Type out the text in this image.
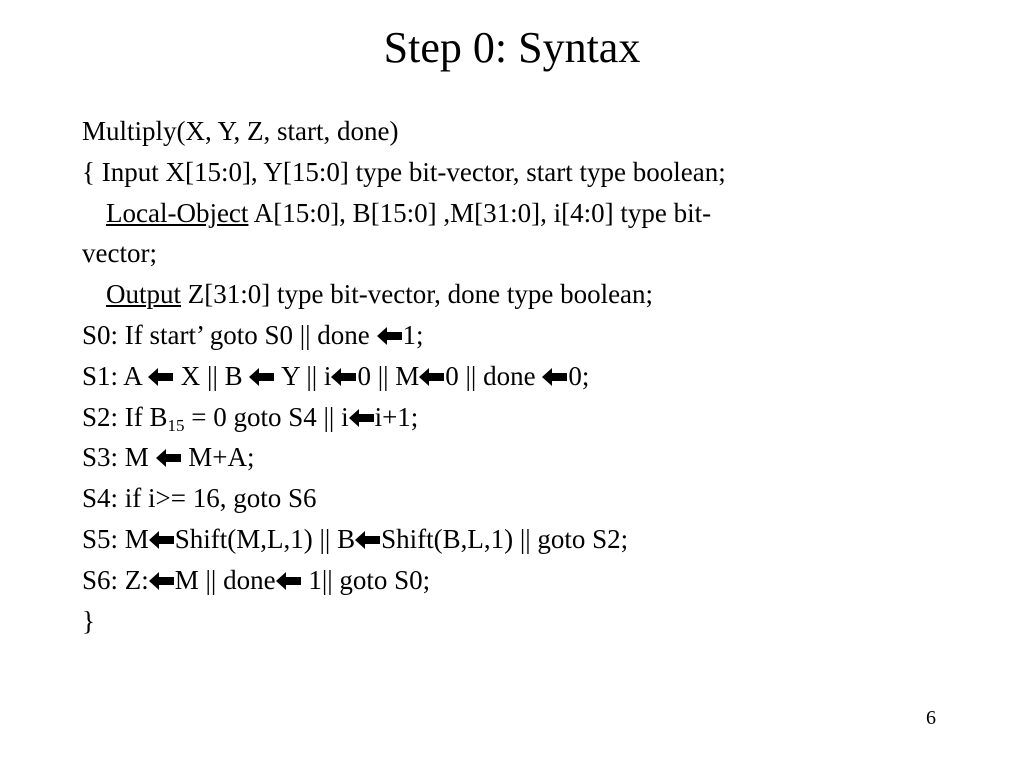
Step 0: Syntax
Multiply(X, Y, Z, start, done)
{ Input X[15:0], Y[15:0] type bit-vector, start type boolean;
Local-Object A[15:0], B[15:0] ,M[31:0], i[4:0] type bit-
vector;
Output Z[31:0] type bit-vector, done type boolean;
S0: If start’ goto S0 || done
1;
S1: A
X || B
Y || i 0 || M 0 || done
0;
S2: If $B_{15} = 0$ goto S4 || i i+1;
S3: M
M+A;
S4: if i>= 16, goto S6
S5: M Shift(M,L,1) || B Shift(B,L,1) || goto S2;
S6: Z: M || done
1|| goto S0;
}
6
